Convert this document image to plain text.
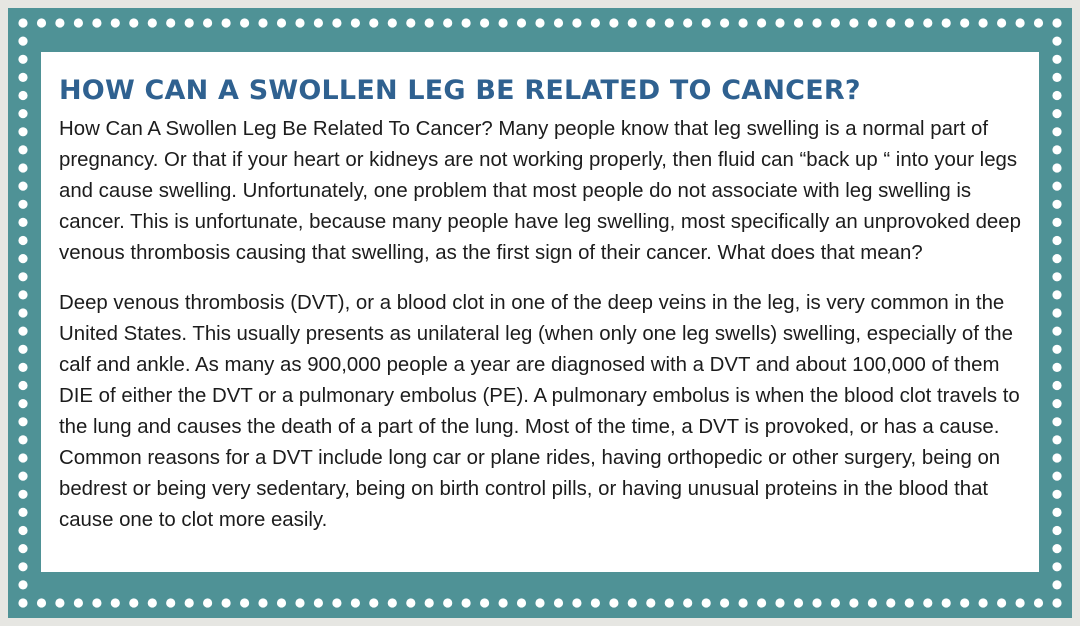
HOW CAN A SWOLLEN LEG BE RELATED TO CANCER?

How Can A Swollen Leg Be Related To Cancer? Many people know that leg swelling is a normal part of pregnancy. Or that if your heart or kidneys are not working properly, then fluid can “back up “ into your legs and cause swelling. Unfortunately, one problem that most people do not associate with leg swelling is cancer. This is unfortunate, because many people have leg swelling, most specifically an unprovoked deep venous thrombosis causing that swelling, as the first sign of their cancer. What does that mean?

Deep venous thrombosis (DVT), or a blood clot in one of the deep veins in the leg, is very common in the United States. This usually presents as unilateral leg (when only one leg swells) swelling, especially of the calf and ankle. As many as 900,000 people a year are diagnosed with a DVT and about 100,000 of them DIE of either the DVT or a pulmonary embolus (PE). A pulmonary embolus is when the blood clot travels to the lung and causes the death of a part of the lung. Most of the time, a DVT is provoked, or has a cause. Common reasons for a DVT include long car or plane rides, having orthopedic or other surgery, being on bedrest or being very sedentary, being on birth control pills, or having unusual proteins in the blood that cause one to clot more easily.
